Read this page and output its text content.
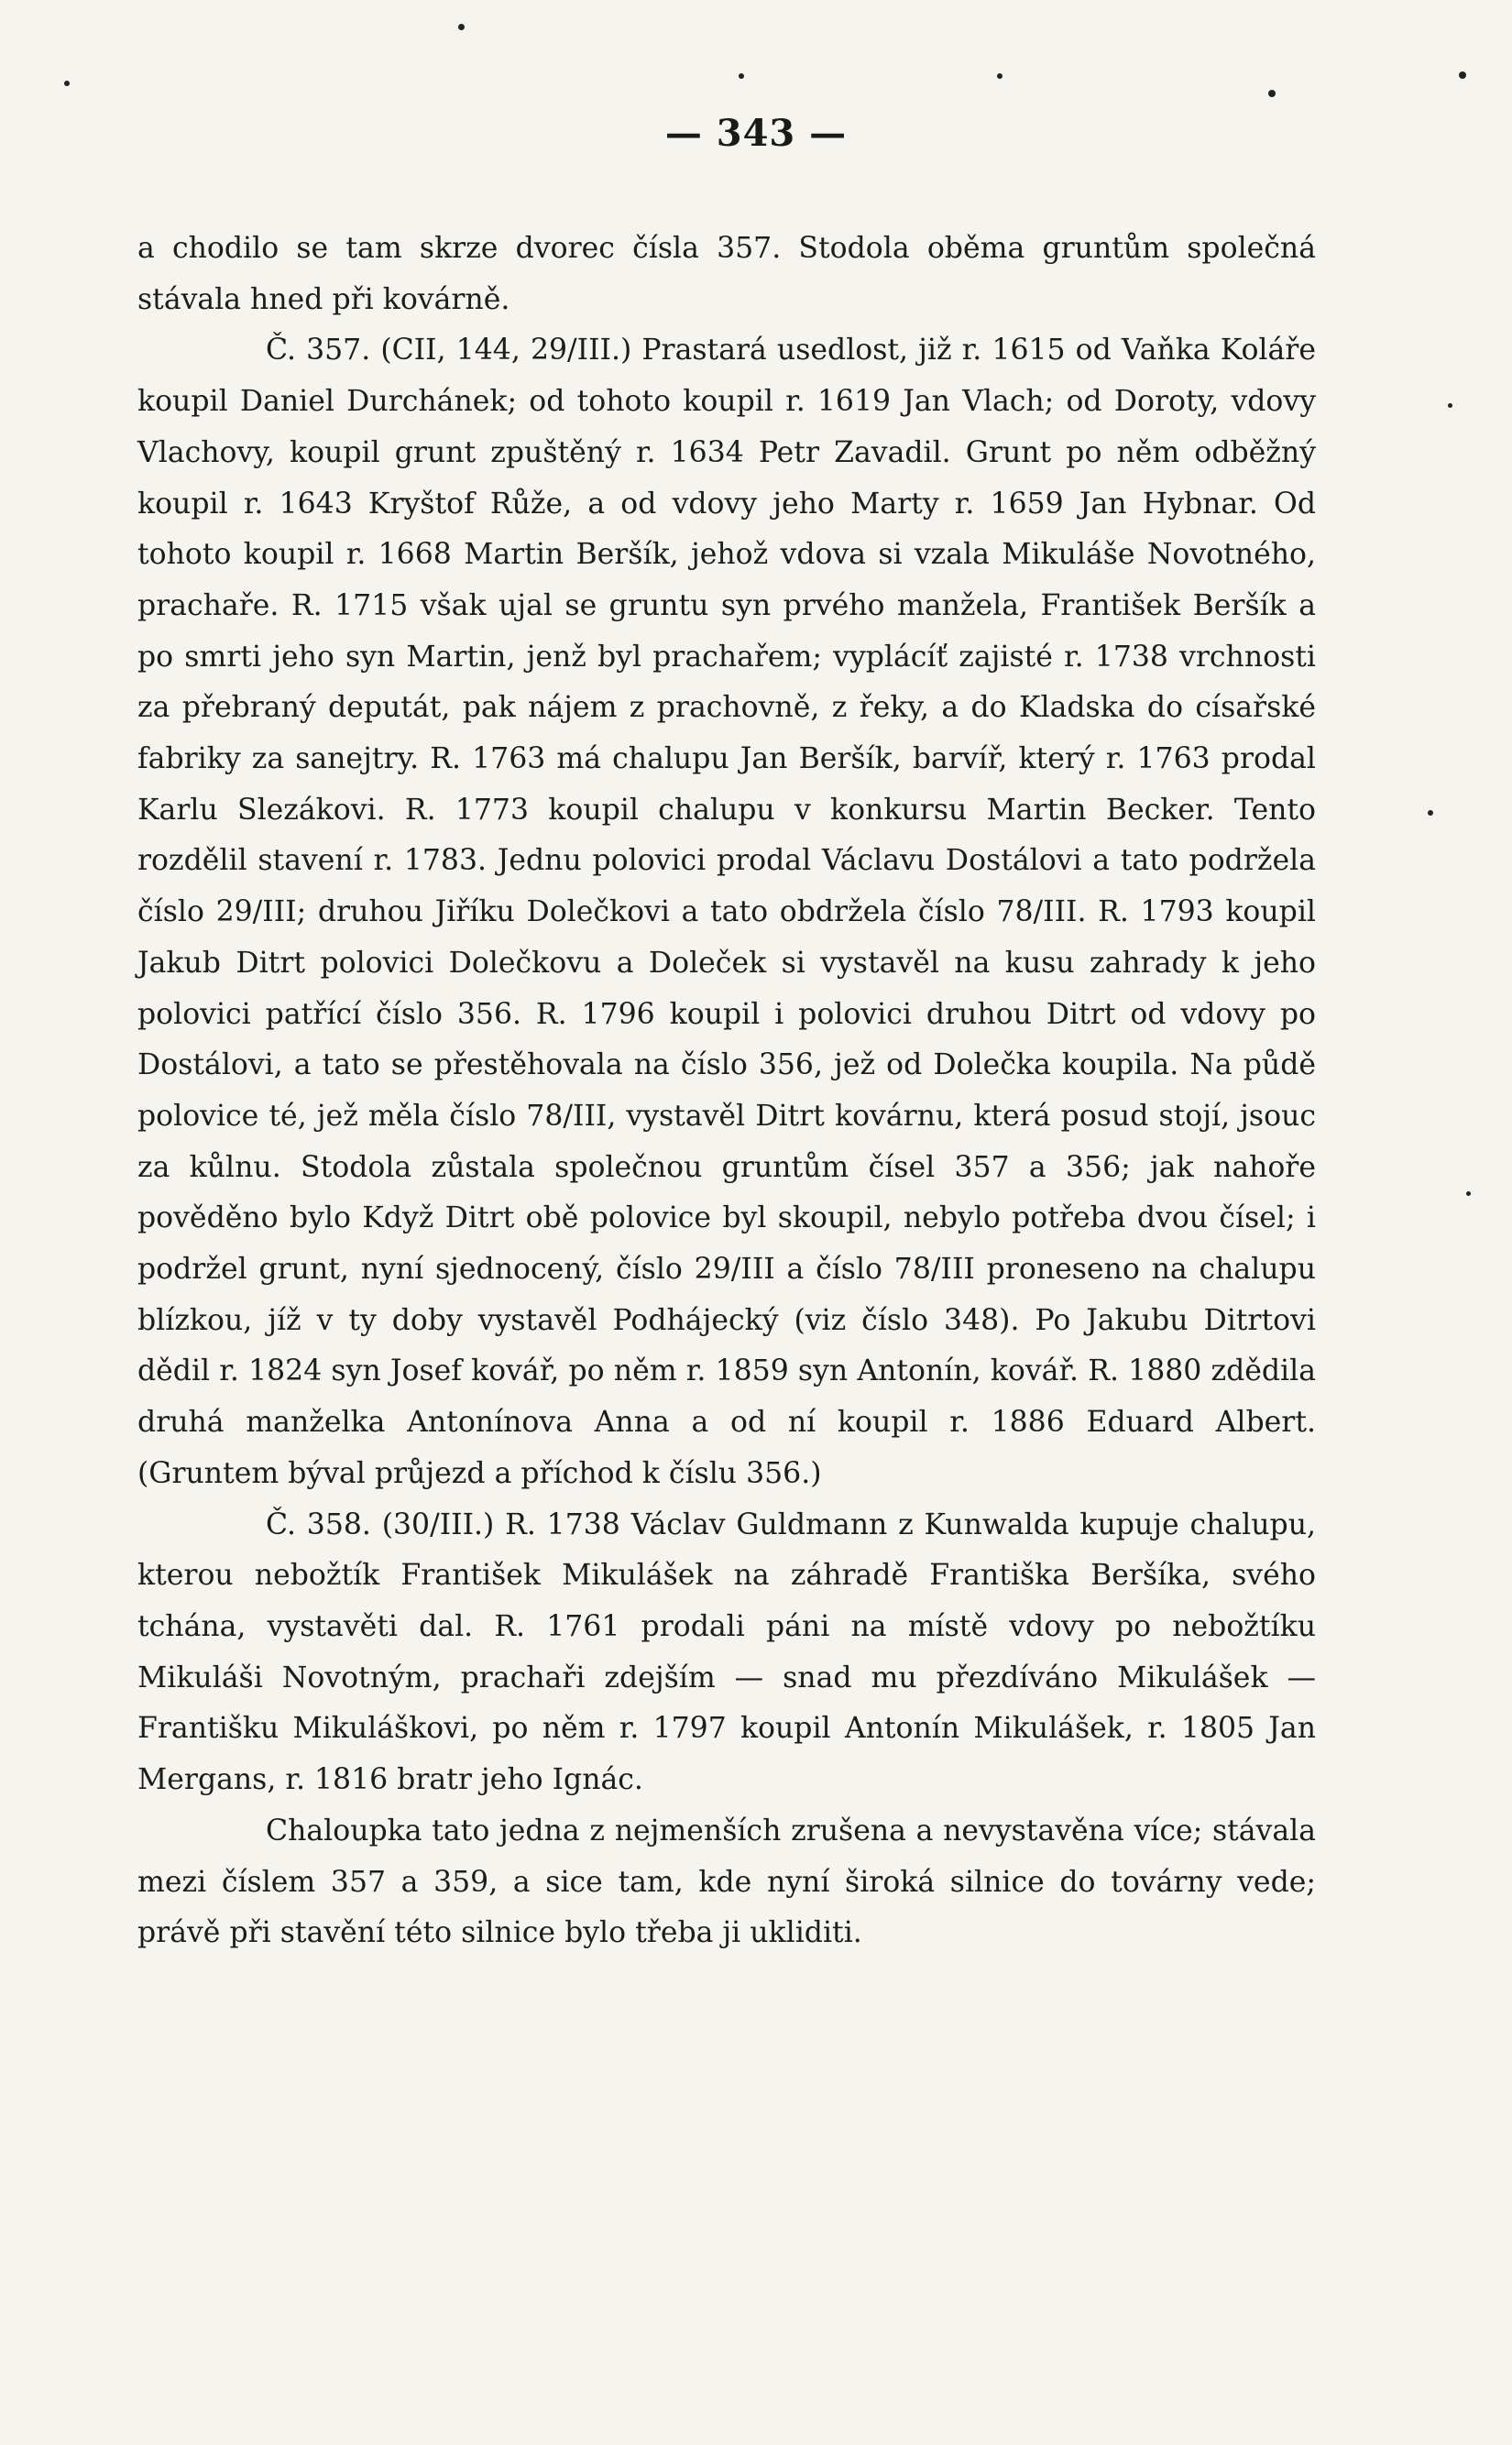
— 343 —

a chodilo se tam skrze dvorec čísla 357. Stodola oběma gruntům společná stávala hned při kovárně.

Č. 357. (CII, 144, 29/III.) Prastará usedlost, již r. 1615 od Vaňka Koláře koupil Daniel Durchánek; od tohoto koupil r. 1619 Jan Vlach; od Doroty, vdovy Vlachovy, koupil grunt zpuštěný r. 1634 Petr Zavadil. Grunt po něm odběžný koupil r. 1643 Kryštof Růže, a od vdovy jeho Marty r. 1659 Jan Hybnar. Od tohoto koupil r. 1668 Martin Beršík, jehož vdova si vzala Mikuláše Novotného, prachaře. R. 1715 však ujal se gruntu syn prvého manžela, František Beršík a po smrti jeho syn Martin, jenž byl prachařem; vyplácíť zajisté r. 1738 vrchnosti za přebraný deputát, pak nájem z prachovně, z řeky, a do Kladska do císařské fabriky za sanejtry. R. 1763 má chalupu Jan Beršík, barvíř, který r. 1763 prodal Karlu Slezákovi. R. 1773 koupil chalupu v konkursu Martin Becker. Tento rozdělil stavení r. 1783. Jednu polovici prodal Václavu Dostálovi a tato podržela číslo 29/III; druhou Jiříku Dolečkovi a tato obdržela číslo 78/III. R. 1793 koupil Jakub Ditrt polovici Dolečkovu a Doleček si vystavěl na kusu zahrady k jeho polovici patřící číslo 356. R. 1796 koupil i polovici druhou Ditrt od vdovy po Dostálovi, a tato se přestěhovala na číslo 356, jež od Dolečka koupila. Na půdě polovice té, jež měla číslo 78/III, vystavěl Ditrt kovárnu, která posud stojí, jsouc za kůlnu. Stodola zůstala společnou gruntům čísel 357 a 356; jak nahoře pověděno bylo Když Ditrt obě polovice byl skoupil, nebylo potřeba dvou čísel; i podržel grunt, nyní sjednocený, číslo 29/III a číslo 78/III proneseno na chalupu blízkou, jíž v ty doby vystavěl Podhájecký (viz číslo 348). Po Jakubu Ditrtovi dědil r. 1824 syn Josef kovář, po něm r. 1859 syn Antonín, kovář. R. 1880 zdědila druhá manželka Antonínova Anna a od ní koupil r. 1886 Eduard Albert. (Gruntem býval průjezd a příchod k číslu 356.)

Č. 358. (30/III.) R. 1738 Václav Guldmann z Kunwalda kupuje chalupu, kterou nebožtík František Mikulášek na záhradě Františka Beršíka, svého tchána, vystavěti dal. R. 1761 prodali páni na místě vdovy po nebožtíku Mikuláši Novotným, prachaři zdejším — snad mu přezdíváno Mikulášek — Františku Mikuláškovi, po něm r. 1797 koupil Antonín Mikulášek, r. 1805 Jan Mergans, r. 1816 bratr jeho Ignác.

Chaloupka tato jedna z nejmenších zrušena a nevystavěna více; stávala mezi číslem 357 a 359, a sice tam, kde nyní široká silnice do továrny vede; právě při stavění této silnice bylo třeba ji ukliditi.
